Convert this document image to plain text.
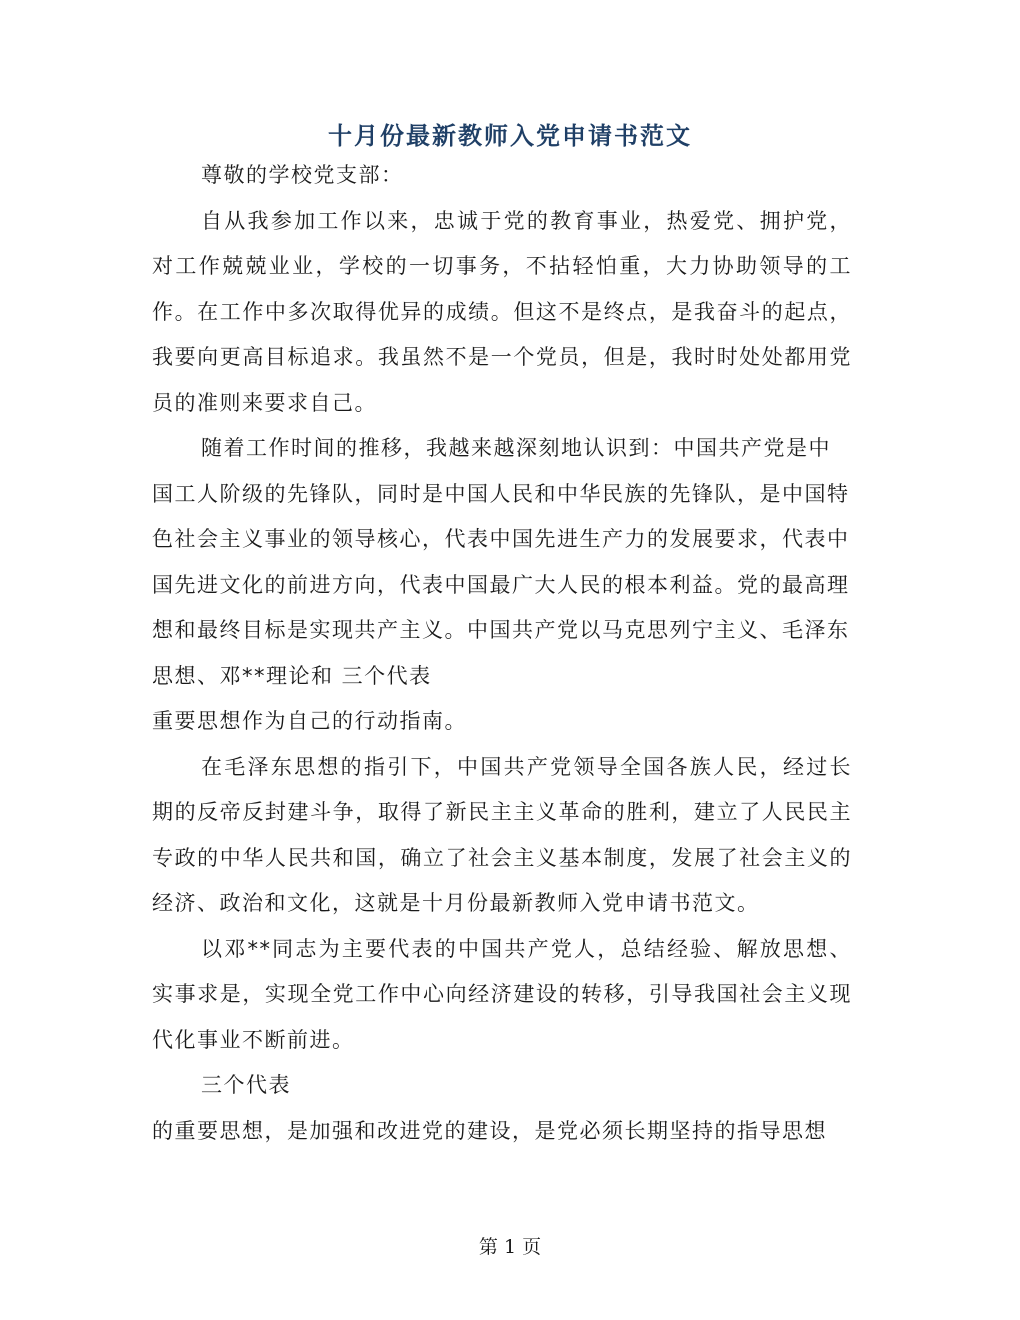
十月份最新教师入党申请书范文

尊敬的学校党支部：

自从我参加工作以来，忠诚于党的教育事业，热爱党、拥护党，对工作兢兢业业，学校的一切事务，不拈轻怕重，大力协助领导的工作。在工作中多次取得优异的成绩。但这不是终点，是我奋斗的起点，我要向更高目标追求。我虽然不是一个党员，但是，我时时处处都用党员的准则来要求自己。

随着工作时间的推移，我越来越深刻地认识到：中国共产党是中国工人阶级的先锋队，同时是中国人民和中华民族的先锋队，是中国特色社会主义事业的领导核心，代表中国先进生产力的发展要求，代表中国先进文化的前进方向，代表中国最广大人民的根本利益。党的最高理想和最终目标是实现共产主义。中国共产党以马克思列宁主义、毛泽东思想、邓**理论和 三个代表

重要思想作为自己的行动指南。

在毛泽东思想的指引下，中国共产党领导全国各族人民，经过长期的反帝反封建斗争，取得了新民主主义革命的胜利，建立了人民民主专政的中华人民共和国，确立了社会主义基本制度，发展了社会主义的经济、政治和文化，这就是十月份最新教师入党申请书范文。

以邓**同志为主要代表的中国共产党人，总结经验、解放思想、实事求是，实现全党工作中心向经济建设的转移，引导我国社会主义现代化事业不断前进。

三个代表

的重要思想，是加强和改进党的建设，是党必须长期坚持的指导思想

第 1 页
